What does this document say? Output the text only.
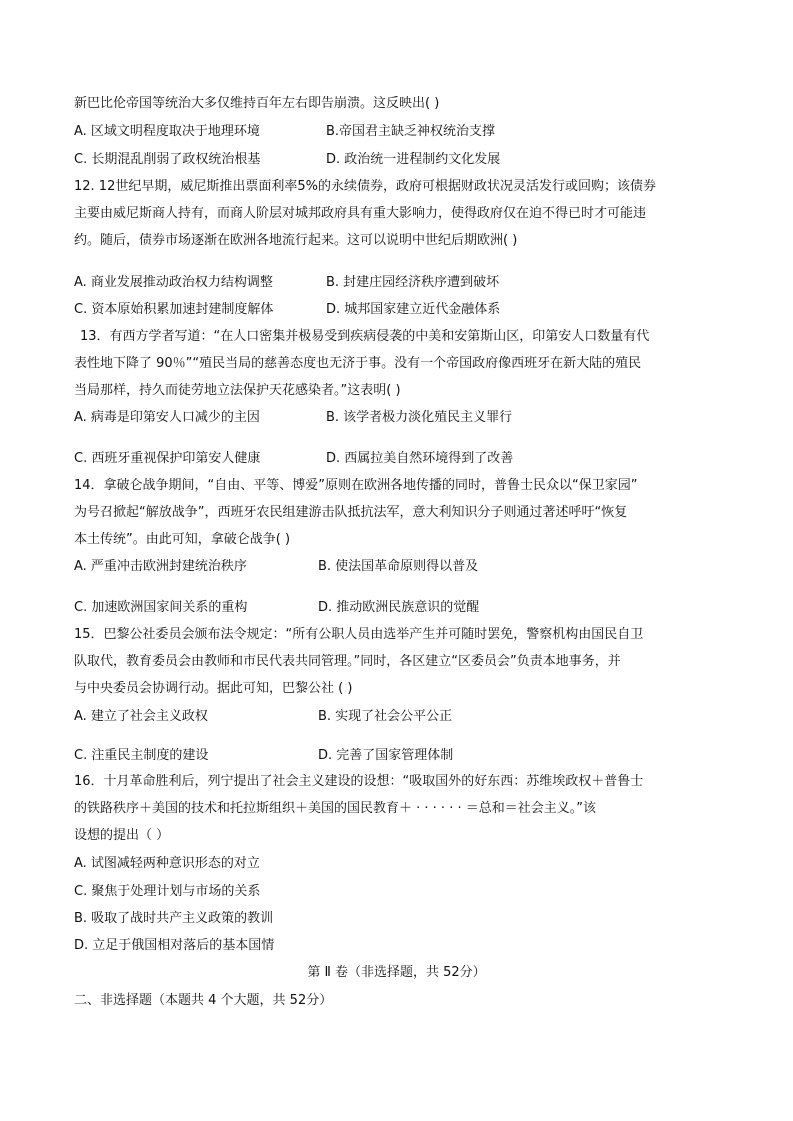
新巴比伦帝国等统治大多仅维持百年左右即告崩溃。这反映出( )
A. 区域文明程度取决于地理环境	B.帝国君主缺乏神权统治支撑
C. 长期混乱削弱了政权统治根基	D. 政治统一进程制约文化发展
12. 12世纪早期，威尼斯推出票面利率5%的永续债券，政府可根据财政状况灵活发行或回购；该债券
主要由威尼斯商人持有，而商人阶层对城邦政府具有重大影响力，使得政府仅在迫不得已时才可能违
约。随后，债券市场逐渐在欧洲各地流行起来。这可以说明中世纪后期欧洲( )
A. 商业发展推动政治权力结构调整	B. 封建庄园经济秩序遭到破坏
C. 资本原始积累加速封建制度解体	D. 城邦国家建立近代金融体系
13．有西方学者写道：“在人口密集并极易受到疾病侵袭的中美和安第斯山区，印第安人口数量有代
表性地下降了 90％”“殖民当局的慈善态度也无济于事。没有一个帝国政府像西班牙在新大陆的殖民
当局那样，持久而徒劳地立法保护天花感染者。”这表明( )
A. 病毒是印第安人口减少的主因	B. 该学者极力淡化殖民主义罪行
C. 西班牙重视保护印第安人健康	D. 西属拉美自然环境得到了改善
14．拿破仑战争期间，“自由、平等、博爱”原则在欧洲各地传播的同时，普鲁士民众以“保卫家园”
为号召掀起“解放战争”，西班牙农民组建游击队抵抗法军，意大利知识分子则通过著述呼吁“恢复
本土传统”。由此可知，拿破仑战争( )
A. 严重冲击欧洲封建统治秩序	B. 使法国革命原则得以普及
C. 加速欧洲国家间关系的重构	D. 推动欧洲民族意识的觉醒
15．巴黎公社委员会颁布法令规定：“所有公职人员由选举产生并可随时罢免，警察机构由国民自卫
队取代，教育委员会由教师和市民代表共同管理。”同时，各区建立“区委员会”负责本地事务，并
与中央委员会协调行动。据此可知，巴黎公社 ( )
A. 建立了社会主义政权	B. 实现了社会公平公正
C. 注重民主制度的建设	D. 完善了国家管理体制
16．十月革命胜利后，列宁提出了社会主义建设的设想：“吸取国外的好东西：苏维埃政权＋普鲁士
的铁路秩序＋美国的技术和托拉斯组织＋美国的国民教育＋ · · · · · · ＝总和＝社会主义。”该
设想的提出（ ）
A. 试图减轻两种意识形态的对立
C. 聚焦于处理计划与市场的关系
B. 吸取了战时共产主义政策的教训
D. 立足于俄国相对落后的基本国情
第 Ⅱ 卷（非选择题，共 52分）
二、非选择题（本题共 4 个大题，共 52分）
